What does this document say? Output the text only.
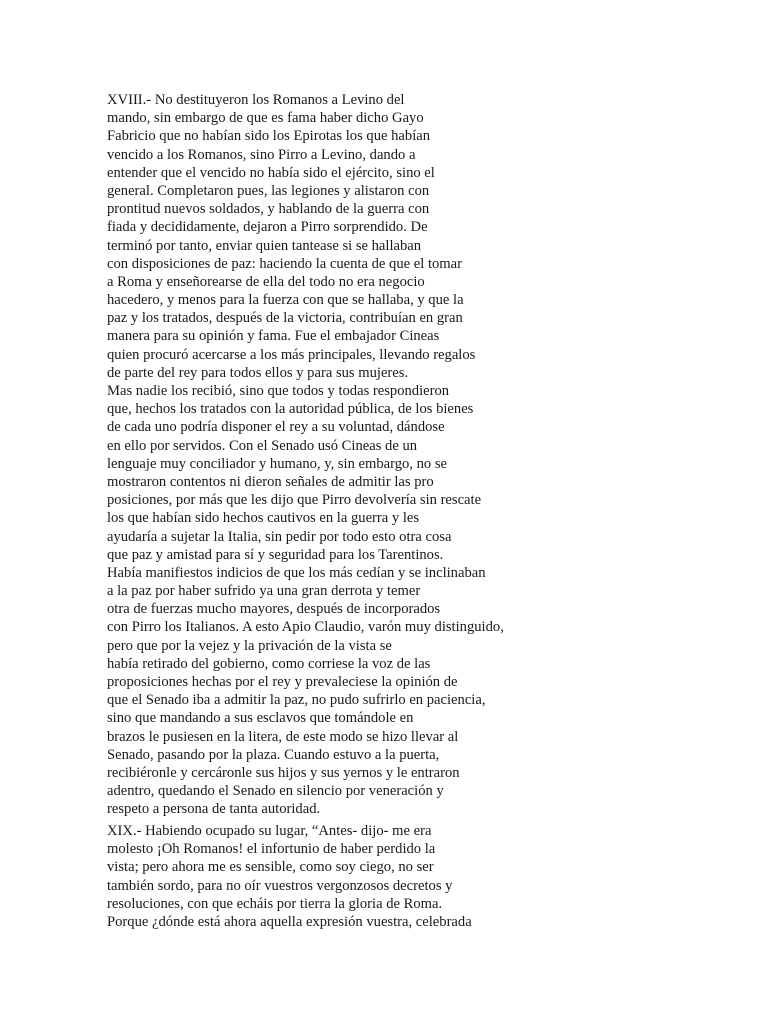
XVIII.- No destituyeron los Romanos a Levino del
mando, sin embargo de que es fama haber dicho Gayo
Fabricio que no habían sido los Epirotas los que habían
vencido a los Romanos, sino Pirro a Levino, dando a
entender que el vencido no había sido el ejército, sino el
general. Completaron pues, las legiones y alistaron con
prontitud nuevos soldados, y hablando de la guerra con
fiada y decididamente, dejaron a Pirro sorprendido. De
terminó por tanto, enviar quien tantease si se hallaban
con disposiciones de paz: haciendo la cuenta de que el tomar
a Roma y enseñorearse de ella del todo no era negocio
hacedero, y menos para la fuerza con que se hallaba, y que la
paz y los tratados, después de la victoria, contribuían en gran
manera para su opinión y fama. Fue el embajador Cineas
quien procuró acercarse a los más principales, llevando regalos
de parte del rey para todos ellos y para sus mujeres.
Mas nadie los recibió, sino que todos y todas respondieron
que, hechos los tratados con la autoridad pública, de los bienes
de cada uno podría disponer el rey a su voluntad, dándose
en ello por servidos. Con el Senado usó Cineas de un
lenguaje muy conciliador y humano, y, sin embargo, no se
mostraron contentos ni dieron señales de admitir las pro
posiciones, por más que les dijo que Pirro devolvería sin rescate
los que habían sido hechos cautivos en la guerra y les
ayudaría a sujetar la Italia, sin pedir por todo esto otra cosa
que paz y amistad para sí y seguridad para los Tarentinos.
Había manifiestos indicios de que los más cedían y se inclinaban
a la paz por haber sufrido ya una gran derrota y temer
otra de fuerzas mucho mayores, después de incorporados
con Pirro los Italianos. A esto Apio Claudio, varón muy distinguido,
pero que por la vejez y la privación de la vista se
había retirado del gobierno, como corriese la voz de las
proposiciones hechas por el rey y prevaleciese la opinión de
que el Senado iba a admitir la paz, no pudo sufrirlo en paciencia,
sino que mandando a sus esclavos que tomándole en
brazos le pusiesen en la litera, de este modo se hizo llevar al
Senado, pasando por la plaza. Cuando estuvo a la puerta,
recibiéronle y cercáronle sus hijos y sus yernos y le entraron
adentro, quedando el Senado en silencio por veneración y
respeto a persona de tanta autoridad.
XIX.- Habiendo ocupado su lugar, “Antes- dijo- me era
molesto ¡Oh Romanos! el infortunio de haber perdido la
vista; pero ahora me es sensible, como soy ciego, no ser
también sordo, para no oír vuestros vergonzosos decretos y
resoluciones, con que echáis por tierra la gloria de Roma.
Porque ¿dónde está ahora aquella expresión vuestra, celebrada
